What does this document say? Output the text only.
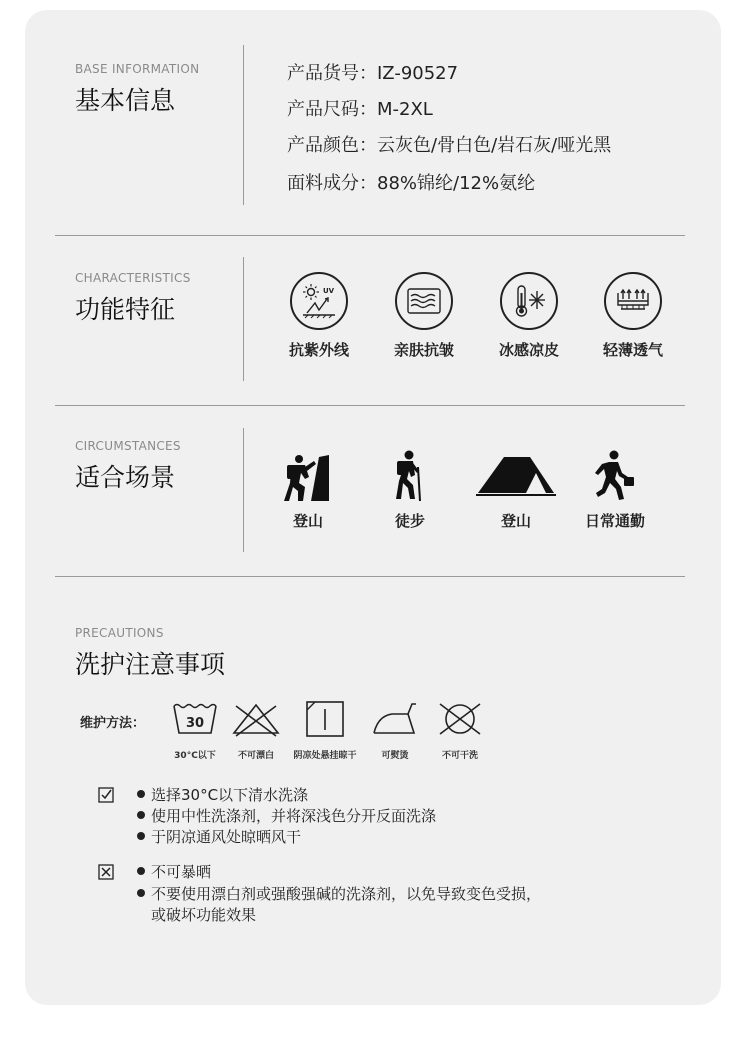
BASE INFORMATION
基本信息
产品货号：IZ-90527
产品尺码：M-2XL
产品颜色：云灰色/骨白色/岩石灰/哑光黑
面料成分：88%锦纶/12%氨纶
CHARACTERISTICS
功能特征
UV
抗紫外线	亲肤抗皱	冰感凉皮	轻薄透气
CIRCUMSTANCES
适合场景
登山	徒步	登山	日常通勤
PRECAUTIONS
洗护注意事项
维护方法：	30
30°C以下	不可漂白	阴凉处悬挂晾干	可熨烫	不可干洗
选择30°C以下清水洗涤
使用中性洗涤剂，并将深浅色分开反面洗涤
于阴凉通风处晾晒风干
不可暴晒
不要使用漂白剂或强酸强碱的洗涤剂，以免导致变色受损，
或破坏功能效果
